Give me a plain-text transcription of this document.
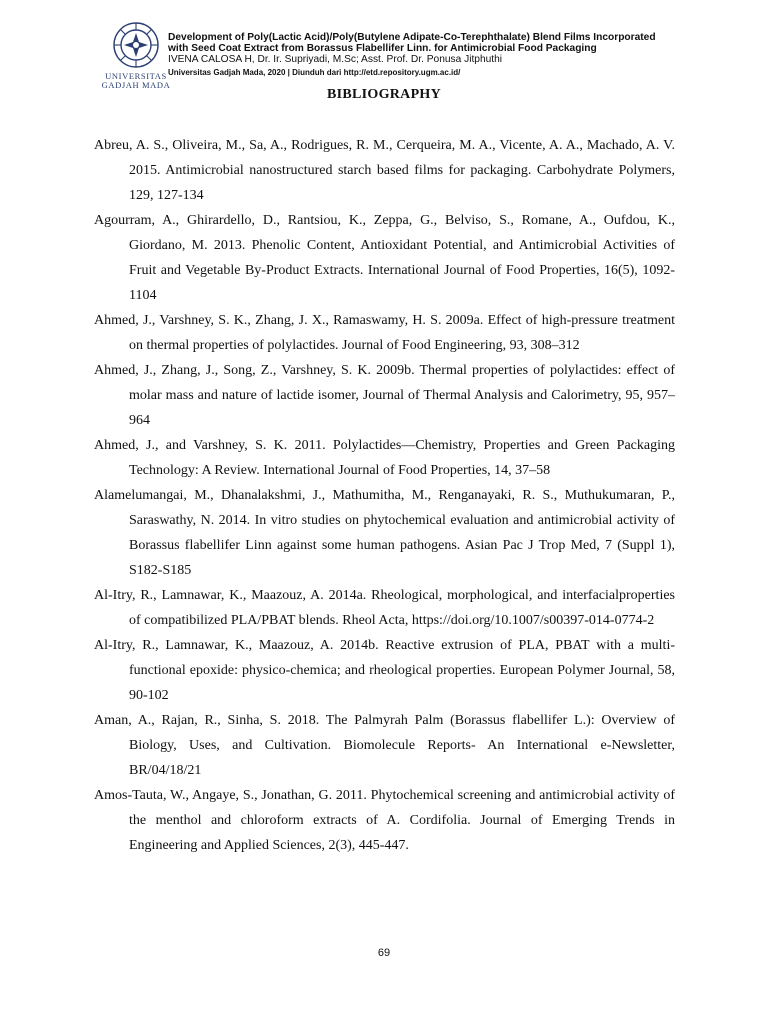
UNIVERSITAS
GADJAH MADA
Development of Poly(Lactic Acid)/Poly(Butylene Adipate-Co-Terephthalate) Blend Films Incorporated
with Seed Coat Extract from Borassus Flabellifer Linn. for Antimicrobial Food Packaging
IVENA CALOSA H, Dr. Ir. Supriyadi, M.Sc; Asst. Prof. Dr. Ponusa Jitphuthi
Universitas Gadjah Mada, 2020 | Diunduh dari http://etd.repository.ugm.ac.id/
BIBLIOGRAPHY

Abreu, A. S., Oliveira, M., Sa, A., Rodrigues, R. M., Cerqueira, M. A., Vicente, A. A., Machado, A. V. 2015. Antimicrobial nanostructured starch based films for packaging. Carbohydrate Polymers, 129, 127-134

Agourram, A., Ghirardello, D., Rantsiou, K., Zeppa, G., Belviso, S., Romane, A., Oufdou, K., Giordano, M. 2013. Phenolic Content, Antioxidant Potential, and Antimicrobial Activities of Fruit and Vegetable By-Product Extracts. International Journal of Food Properties, 16(5), 1092-1104

Ahmed, J., Varshney, S. K., Zhang, J. X., Ramaswamy, H. S. 2009a. Effect of high-pressure treatment on thermal properties of polylactides. Journal of Food Engineering, 93, 308–312

Ahmed, J., Zhang, J., Song, Z., Varshney, S. K. 2009b. Thermal properties of polylactides: effect of molar mass and nature of lactide isomer, Journal of Thermal Analysis and Calorimetry, 95, 957–964

Ahmed, J., and Varshney, S. K. 2011. Polylactides—Chemistry, Properties and Green Packaging Technology: A Review. International Journal of Food Properties, 14, 37–58

Alamelumangai, M., Dhanalakshmi, J., Mathumitha, M., Renganayaki, R. S., Muthukumaran, P., Saraswathy, N. 2014. In vitro studies on phytochemical evaluation and antimicrobial activity of Borassus flabellifer Linn against some human pathogens. Asian Pac J Trop Med, 7 (Suppl 1), S182-S185

Al-Itry, R., Lamnawar, K., Maazouz, A. 2014a. Rheological, morphological, and interfacialproperties of compatibilized PLA/PBAT blends. Rheol Acta, https://doi.org/10.1007/s00397-014-0774-2

Al-Itry, R., Lamnawar, K., Maazouz, A. 2014b. Reactive extrusion of PLA, PBAT with a multi-functional epoxide: physico-chemica; and rheological properties. European Polymer Journal, 58, 90-102

Aman, A., Rajan, R., Sinha, S. 2018. The Palmyrah Palm (Borassus flabellifer L.): Overview of Biology, Uses, and Cultivation. Biomolecule Reports- An International e-Newsletter, BR/04/18/21

Amos-Tauta, W., Angaye, S., Jonathan, G. 2011. Phytochemical screening and antimicrobial activity of the menthol and chloroform extracts of A. Cordifolia. Journal of Emerging Trends in Engineering and Applied Sciences, 2(3), 445-447.

69
